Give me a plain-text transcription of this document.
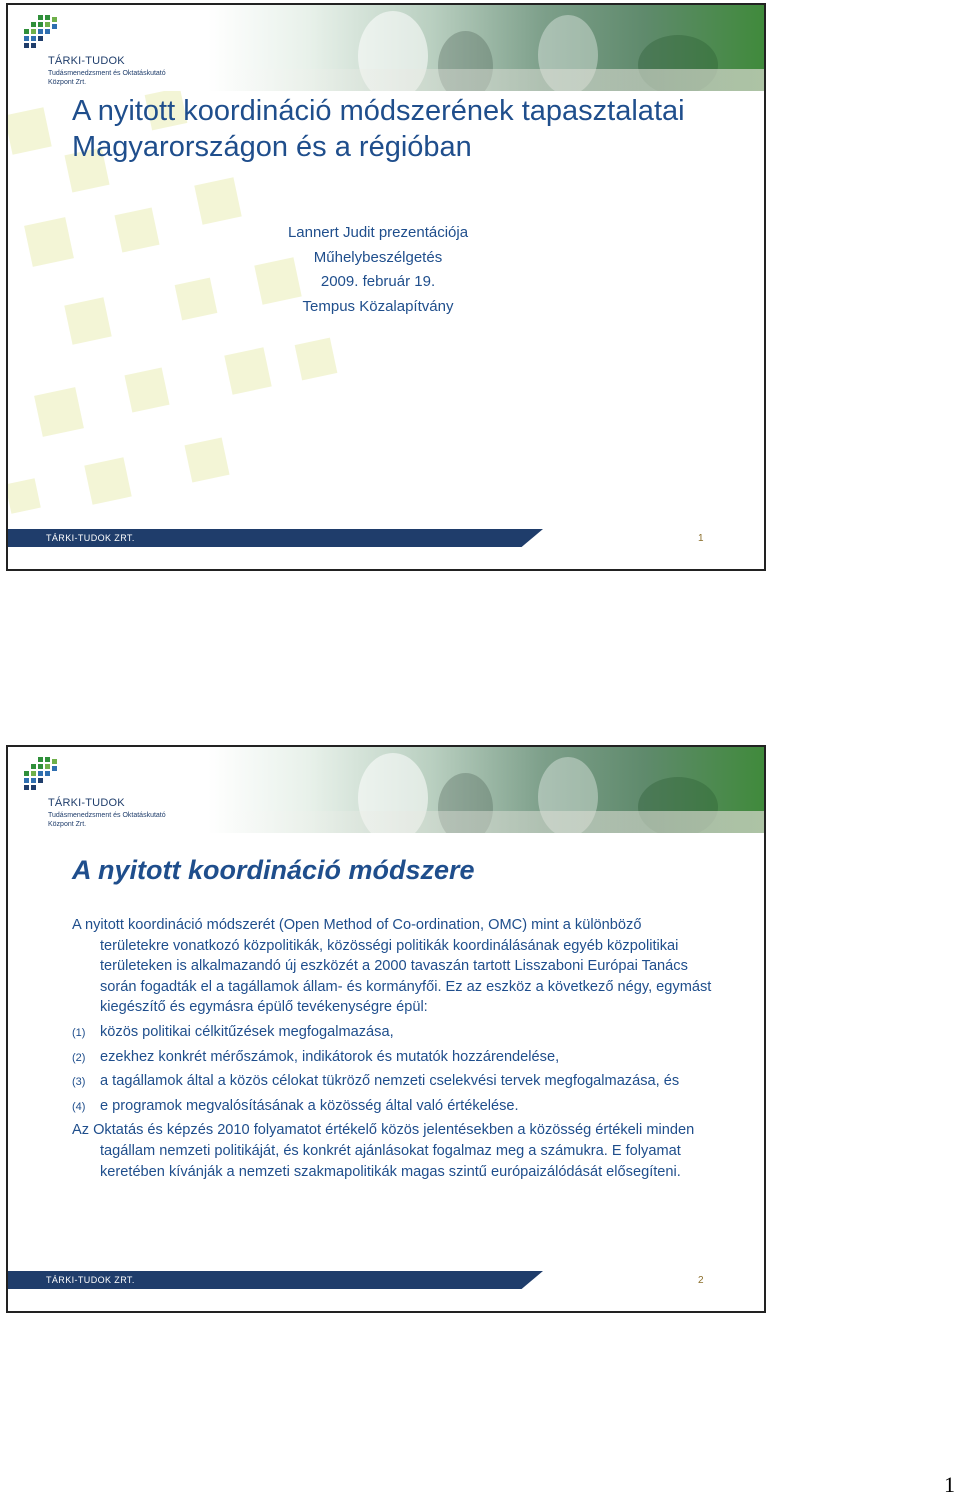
TÁRKI-TUDOK
Tudásmenedzsment és Oktatáskutató Központ Zrt.
A nyitott koordináció módszerének tapasztalatai Magyarországon és a régióban
Lannert Judit prezentációja
Műhelybeszélgetés
2009. február 19.
Tempus Közalapítvány
TÁRKI-TUDOK ZRT.	1
TÁRKI-TUDOK
Tudásmenedzsment és Oktatáskutató Központ Zrt.
A nyitott koordináció módszere

A nyitott koordináció módszerét (Open Method of Co-ordination, OMC) mint a különböző területekre vonatkozó közpolitikák, közösségi politikák koordinálásának egyéb közpolitikai területeken is alkalmazandó új eszközét a 2000 tavaszán tartott Lisszaboni Európai Tanács során fogadták el a tagállamok állam- és kormányfői. Ez az eszköz a következő négy, egymást kiegészítő és egymásra épülő tevékenységre épül:

(1) közös politikai célkitűzések megfogalmazása,
(2) ezekhez konkrét mérőszámok, indikátorok és mutatók hozzárendelése,
(3) a tagállamok által a közös célokat tükröző nemzeti cselekvési tervek megfogalmazása, és
(4) e programok megvalósításának a közösség által való értékelése.

Az Oktatás és képzés 2010 folyamatot értékelő közös jelentésekben a közösség értékeli minden tagállam nemzeti politikáját, és konkrét ajánlásokat fogalmaz meg a számukra. E folyamat keretében kívánják a nemzeti szakmapolitikák magas szintű európaizálódását elősegíteni.

TÁRKI-TUDOK ZRT.	2
1
